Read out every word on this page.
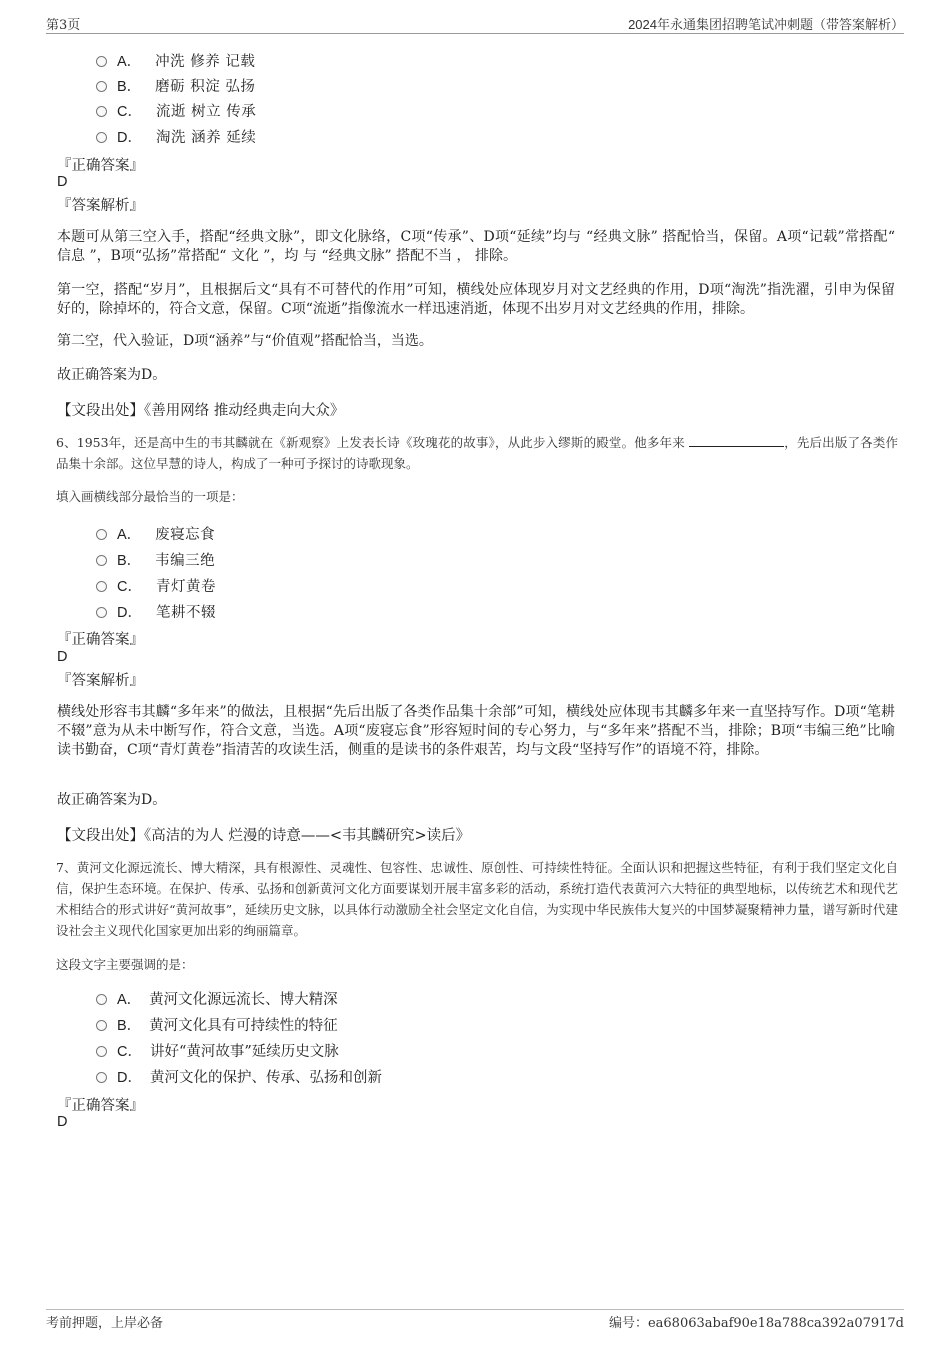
第3页	2024年永通集团招聘笔试冲刺题（带答案解析）
A． 冲洗 修养 记载
B． 磨砺 积淀 弘扬
C． 流逝 树立 传承
D． 淘洗 涵养 延续
『正确答案』
D
『答案解析』
本题可从第三空入手，搭配“经典文脉”，即文化脉络，C项“传承”、D项“延续”均与 “经典文脉” 搭配恰当，保留。A项“记载”常搭配“ 信息 ”，B项“弘扬”常搭配“ 文化 ”，均 与 “经典文脉” 搭配不当 ， 排除。
第一空，搭配“岁月”，且根据后文“具有不可替代的作用”可知，横线处应体现岁月对文艺经典的作用，D项“淘洗”指洗濯，引申为保留好的，除掉坏的，符合文意，保留。C项“流逝”指像流水一样迅速消逝，体现不出岁月对文艺经典的作用，排除。
第二空，代入验证，D项“涵养”与“价值观”搭配恰当，当选。
故正确答案为D。
【文段出处】《善用网络 推动经典走向大众》
6、1953年，还是高中生的韦其麟就在《新观察》上发表长诗《玫瑰花的故事》，从此步入缪斯的殿堂。他多年来	，先后出版了各类作品集十余部。这位早慧的诗人，构成了一种可予探讨的诗歌现象。
填入画横线部分最恰当的一项是：
A． 废寝忘食
B． 韦编三绝
C． 青灯黄卷
D． 笔耕不辍
『正确答案』
D
『答案解析』
横线处形容韦其麟“多年来”的做法，且根据“先后出版了各类作品集十余部”可知，横线处应体现韦其麟多年来一直坚持写作。D项“笔耕不辍”意为从未中断写作，符合文意，当选。A项“废寝忘食”形容短时间的专心努力，与“多年来”搭配不当，排除；B项“韦编三绝”比喻读书勤奋，C项“青灯黄卷”指清苦的攻读生活，侧重的是读书的条件艰苦，均与文段“坚持写作”的语境不符，排除。
故正确答案为D。
【文段出处】《高洁的为人 烂漫的诗意——<韦其麟研究>读后》
7、黄河文化源远流长、博大精深，具有根源性、灵魂性、包容性、忠诚性、原创性、可持续性特征。全面认识和把握这些特征，有利于我们坚定文化自信，保护生态环境。在保护、传承、弘扬和创新黄河文化方面要谋划开展丰富多彩的活动，系统打造代表黄河六大特征的典型地标，以传统艺术和现代艺术相结合的形式讲好“黄河故事”，延续历史文脉，以具体行动激励全社会坚定文化自信，为实现中华民族伟大复兴的中国梦凝聚精神力量，谱写新时代建设社会主义现代化国家更加出彩的绚丽篇章。
这段文字主要强调的是：
A． 黄河文化源远流长、博大精深
B． 黄河文化具有可持续性的特征
C． 讲好“黄河故事”延续历史文脉
D． 黄河文化的保护、传承、弘扬和创新
『正确答案』
D
考前押题，上岸必备	编号：ea68063abaf90e18a788ca392a07917d
